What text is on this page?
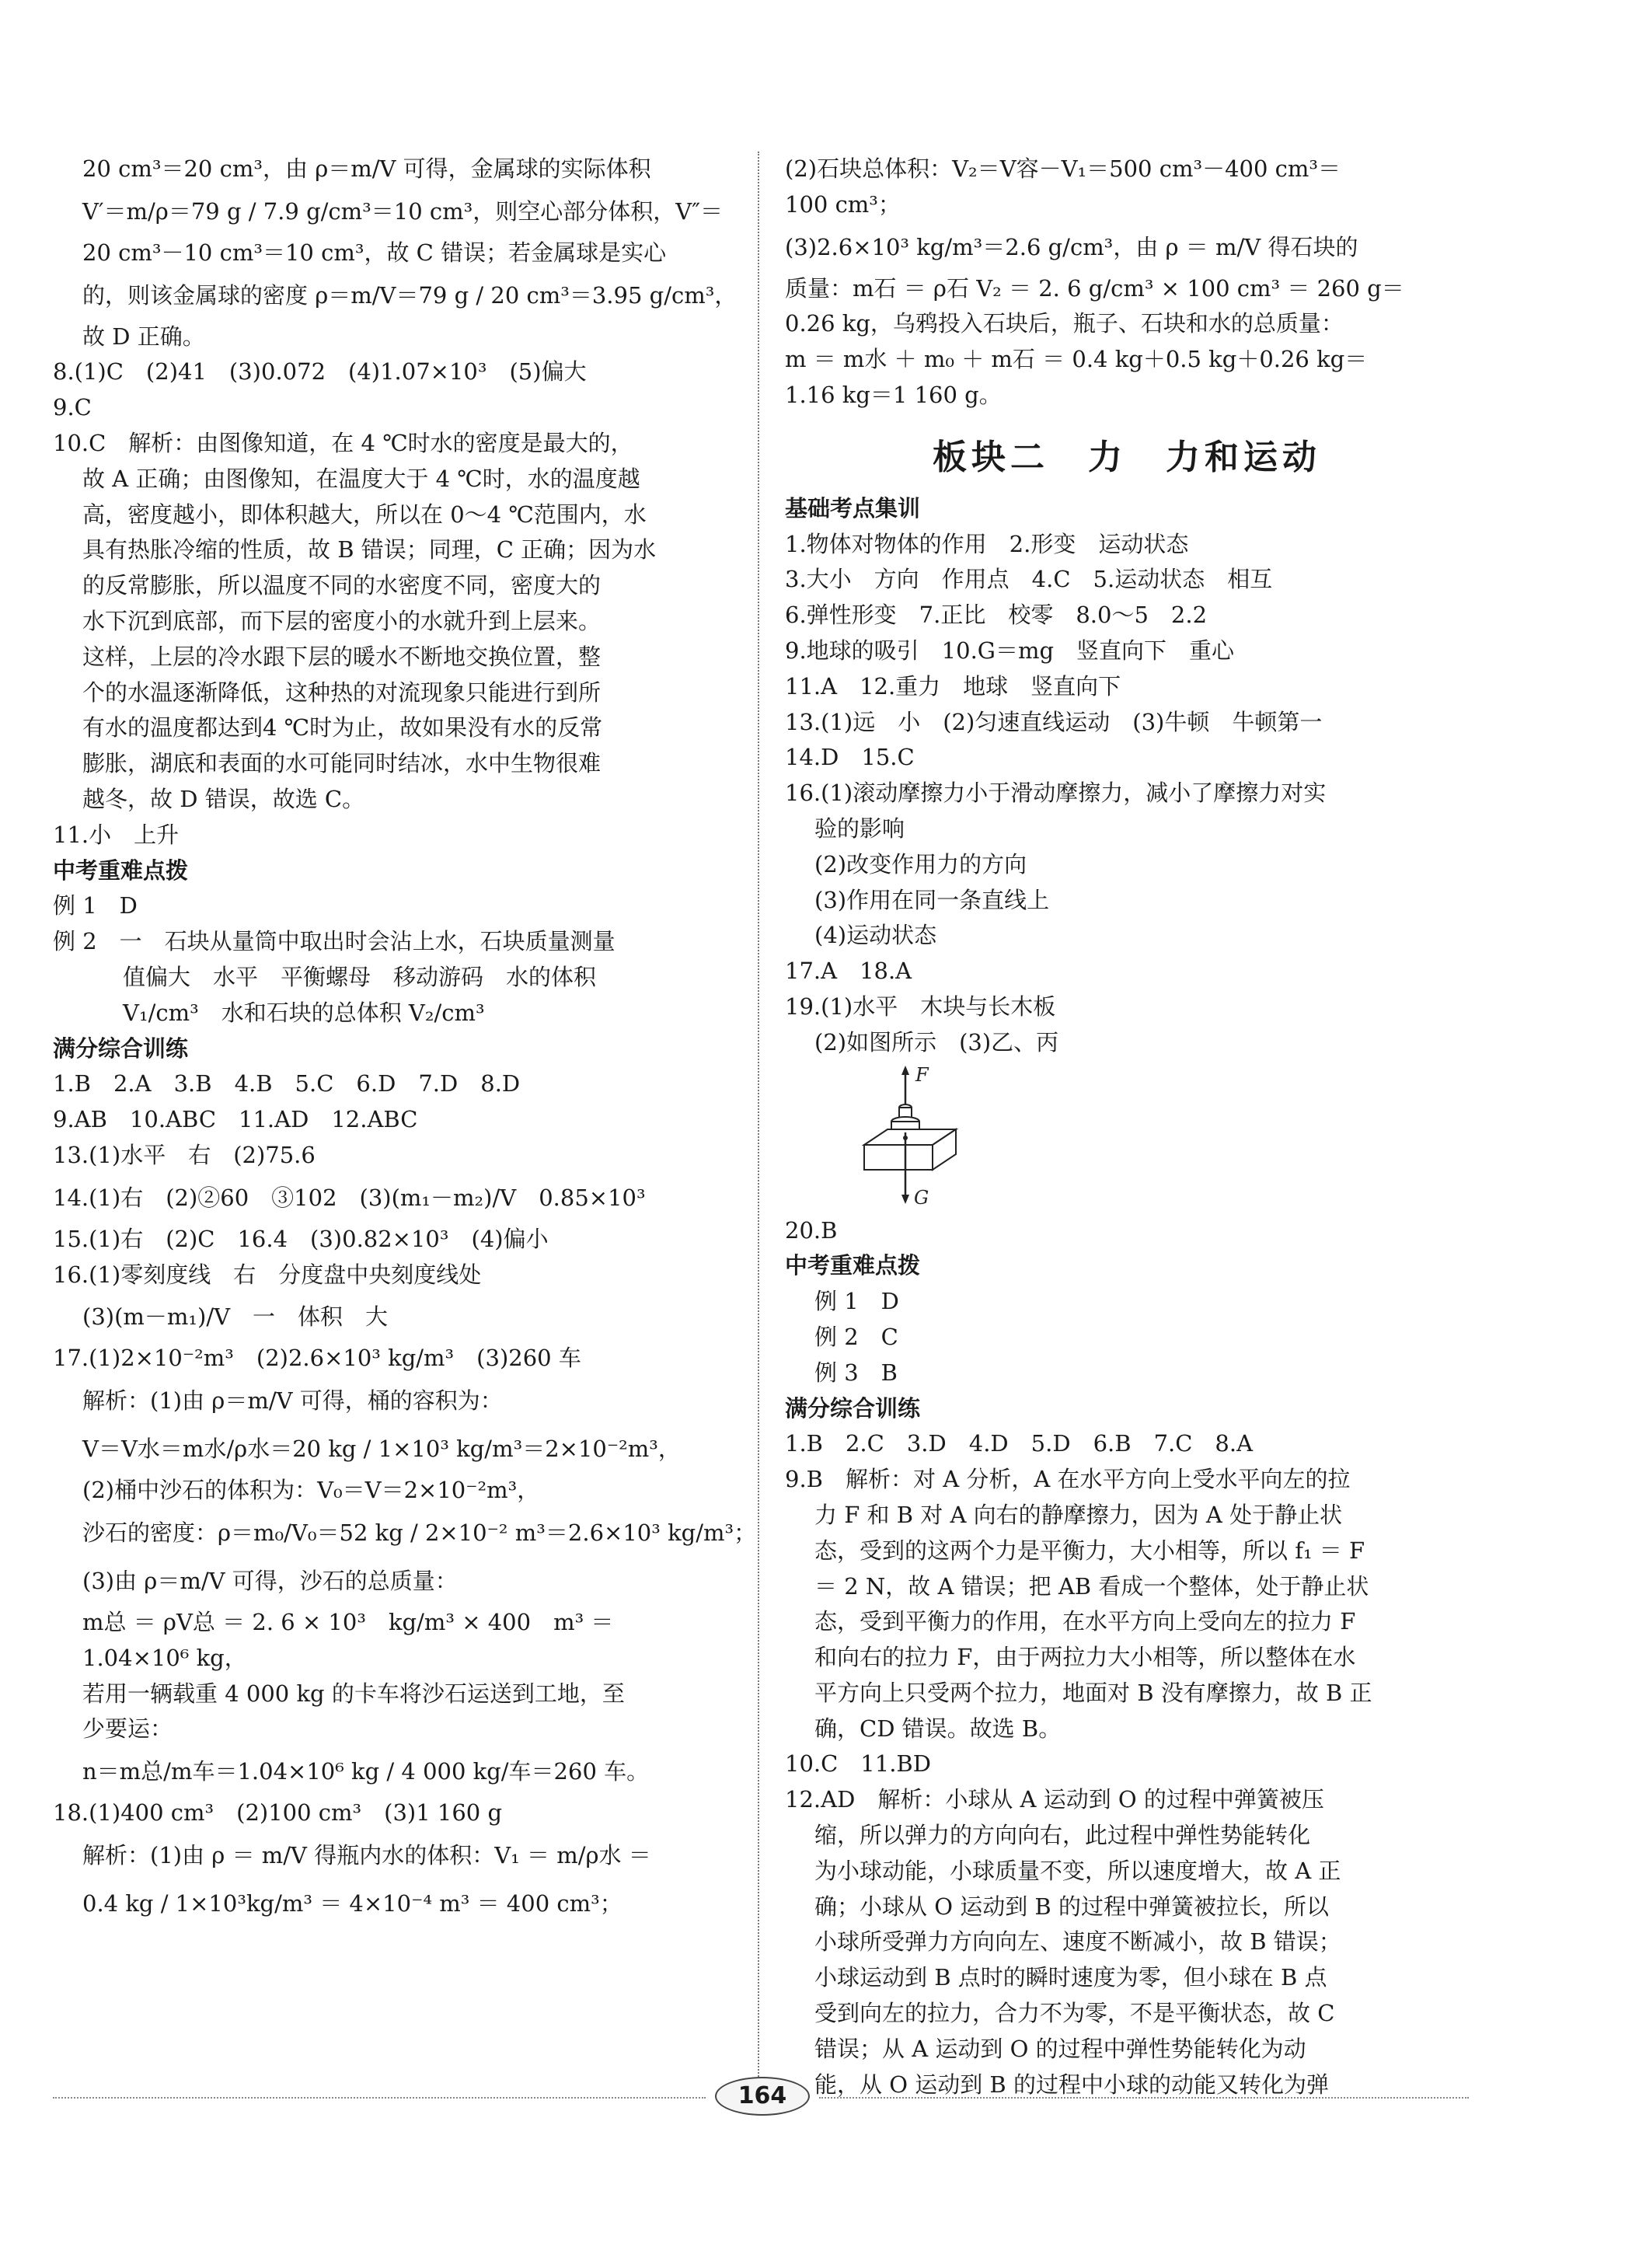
20 cm³＝20 cm³，由 ρ＝m/V 可得，金属球的实际体积
V′＝m/ρ＝79 g / 7.9 g/cm³＝10 cm³，则空心部分体积，V″＝
20 cm³－10 cm³＝10 cm³，故 C 错误；若金属球是实心
的，则该金属球的密度 ρ＝m/V＝79 g / 20 cm³＝3.95 g/cm³，
故 D 正确。
8.(1)C　(2)41　(3)0.072　(4)1.07×10³　(5)偏大
9.C
10.C　解析：由图像知道，在 4 ℃时水的密度是最大的，
故 A 正确；由图像知，在温度大于 4 ℃时，水的温度越
高，密度越小，即体积越大，所以在 0～4 ℃范围内，水
具有热胀冷缩的性质，故 B 错误；同理，C 正确；因为水
的反常膨胀，所以温度不同的水密度不同，密度大的
水下沉到底部，而下层的密度小的水就升到上层来。
这样，上层的冷水跟下层的暖水不断地交换位置，整
个的水温逐渐降低，这种热的对流现象只能进行到所
有水的温度都达到4 ℃时为止，故如果没有水的反常
膨胀，湖底和表面的水可能同时结冰，水中生物很难
越冬，故 D 错误，故选 C。
11.小　上升
中考重难点拨
例 1　D
例 2　一　石块从量筒中取出时会沾上水，石块质量测量
值偏大　水平　平衡螺母　移动游码　水的体积
V₁/cm³　水和石块的总体积 V₂/cm³
满分综合训练
1.B　2.A　3.B　4.B　5.C　6.D　7.D　8.D
9.AB　10.ABC　11.AD　12.ABC
13.(1)水平　右　(2)75.6
14.(1)右　(2)②60　③102　(3)(m₁－m₂)/V　0.85×10³
15.(1)右　(2)C　16.4　(3)0.82×10³　(4)偏小
16.(1)零刻度线　右　分度盘中央刻度线处
(3)(m－m₁)/V　一　体积　大
17.(1)2×10⁻²m³　(2)2.6×10³ kg/m³　(3)260 车
解析：(1)由 ρ＝m/V 可得，桶的容积为：
V＝V水＝m水/ρ水＝20 kg / 1×10³ kg/m³＝2×10⁻²m³，
(2)桶中沙石的体积为：V₀＝V＝2×10⁻²m³，
沙石的密度：ρ＝m₀/V₀＝52 kg / 2×10⁻² m³＝2.6×10³ kg/m³；
(3)由 ρ＝m/V 可得，沙石的总质量：
m总 ＝ ρV总 ＝ 2. 6 × 10³　kg/m³ × 400　m³ ＝
1.04×10⁶ kg，
若用一辆载重 4 000 kg 的卡车将沙石运送到工地，至
少要运：
n＝m总/m车＝1.04×10⁶ kg / 4 000 kg/车＝260 车。
18.(1)400 cm³　(2)100 cm³　(3)1 160 g
解析：(1)由 ρ ＝ m/V 得瓶内水的体积：V₁ ＝ m/ρ水 ＝
0.4 kg / 1×10³kg/m³ ＝ 4×10⁻⁴ m³ ＝ 400 cm³；
(2)石块总体积：V₂＝V容－V₁＝500 cm³－400 cm³＝
100 cm³；
(3)2.6×10³ kg/m³＝2.6 g/cm³，由 ρ ＝ m/V 得石块的
质量：m石 ＝ ρ石 V₂ ＝ 2. 6 g/cm³ × 100 cm³ ＝ 260 g＝
0.26 kg，乌鸦投入石块后，瓶子、石块和水的总质量：
m ＝ m水 ＋ m₀ ＋ m石 ＝ 0.4 kg＋0.5 kg＋0.26 kg＝
1.16 kg＝1 160 g。
板块二　力　力和运动
基础考点集训
1.物体对物体的作用　2.形变　运动状态
3.大小　方向　作用点　4.C　5.运动状态　相互
6.弹性形变　7.正比　校零　8.0～5　2.2
9.地球的吸引　10.G＝mg　竖直向下　重心
11.A　12.重力　地球　竖直向下
13.(1)远　小　(2)匀速直线运动　(3)牛顿　牛顿第一
14.D　15.C
16.(1)滚动摩擦力小于滑动摩擦力，减小了摩擦力对实
验的影响
(2)改变作用力的方向
(3)作用在同一条直线上
(4)运动状态
17.A　18.A
19.(1)水平　木块与长木板
(2)如图所示　(3)乙、丙
F
G
20.B
中考重难点拨
例 1　D
例 2　C
例 3　B
满分综合训练
1.B　2.C　3.D　4.D　5.D　6.B　7.C　8.A
9.B　解析：对 A 分析，A 在水平方向上受水平向左的拉
力 F 和 B 对 A 向右的静摩擦力，因为 A 处于静止状
态，受到的这两个力是平衡力，大小相等，所以 f₁ ＝ F
＝ 2 N，故 A 错误；把 AB 看成一个整体，处于静止状
态，受到平衡力的作用，在水平方向上受向左的拉力 F
和向右的拉力 F，由于两拉力大小相等，所以整体在水
平方向上只受两个拉力，地面对 B 没有摩擦力，故 B 正
确，CD 错误。故选 B。
10.C　11.BD
12.AD　解析：小球从 A 运动到 O 的过程中弹簧被压
缩，所以弹力的方向向右，此过程中弹性势能转化
为小球动能，小球质量不变，所以速度增大，故 A 正
确；小球从 O 运动到 B 的过程中弹簧被拉长，所以
小球所受弹力方向向左、速度不断减小，故 B 错误；
小球运动到 B 点时的瞬时速度为零，但小球在 B 点
受到向左的拉力，合力不为零，不是平衡状态，故 C
错误；从 A 运动到 O 的过程中弹性势能转化为动
能，从 O 运动到 B 的过程中小球的动能又转化为弹
164
